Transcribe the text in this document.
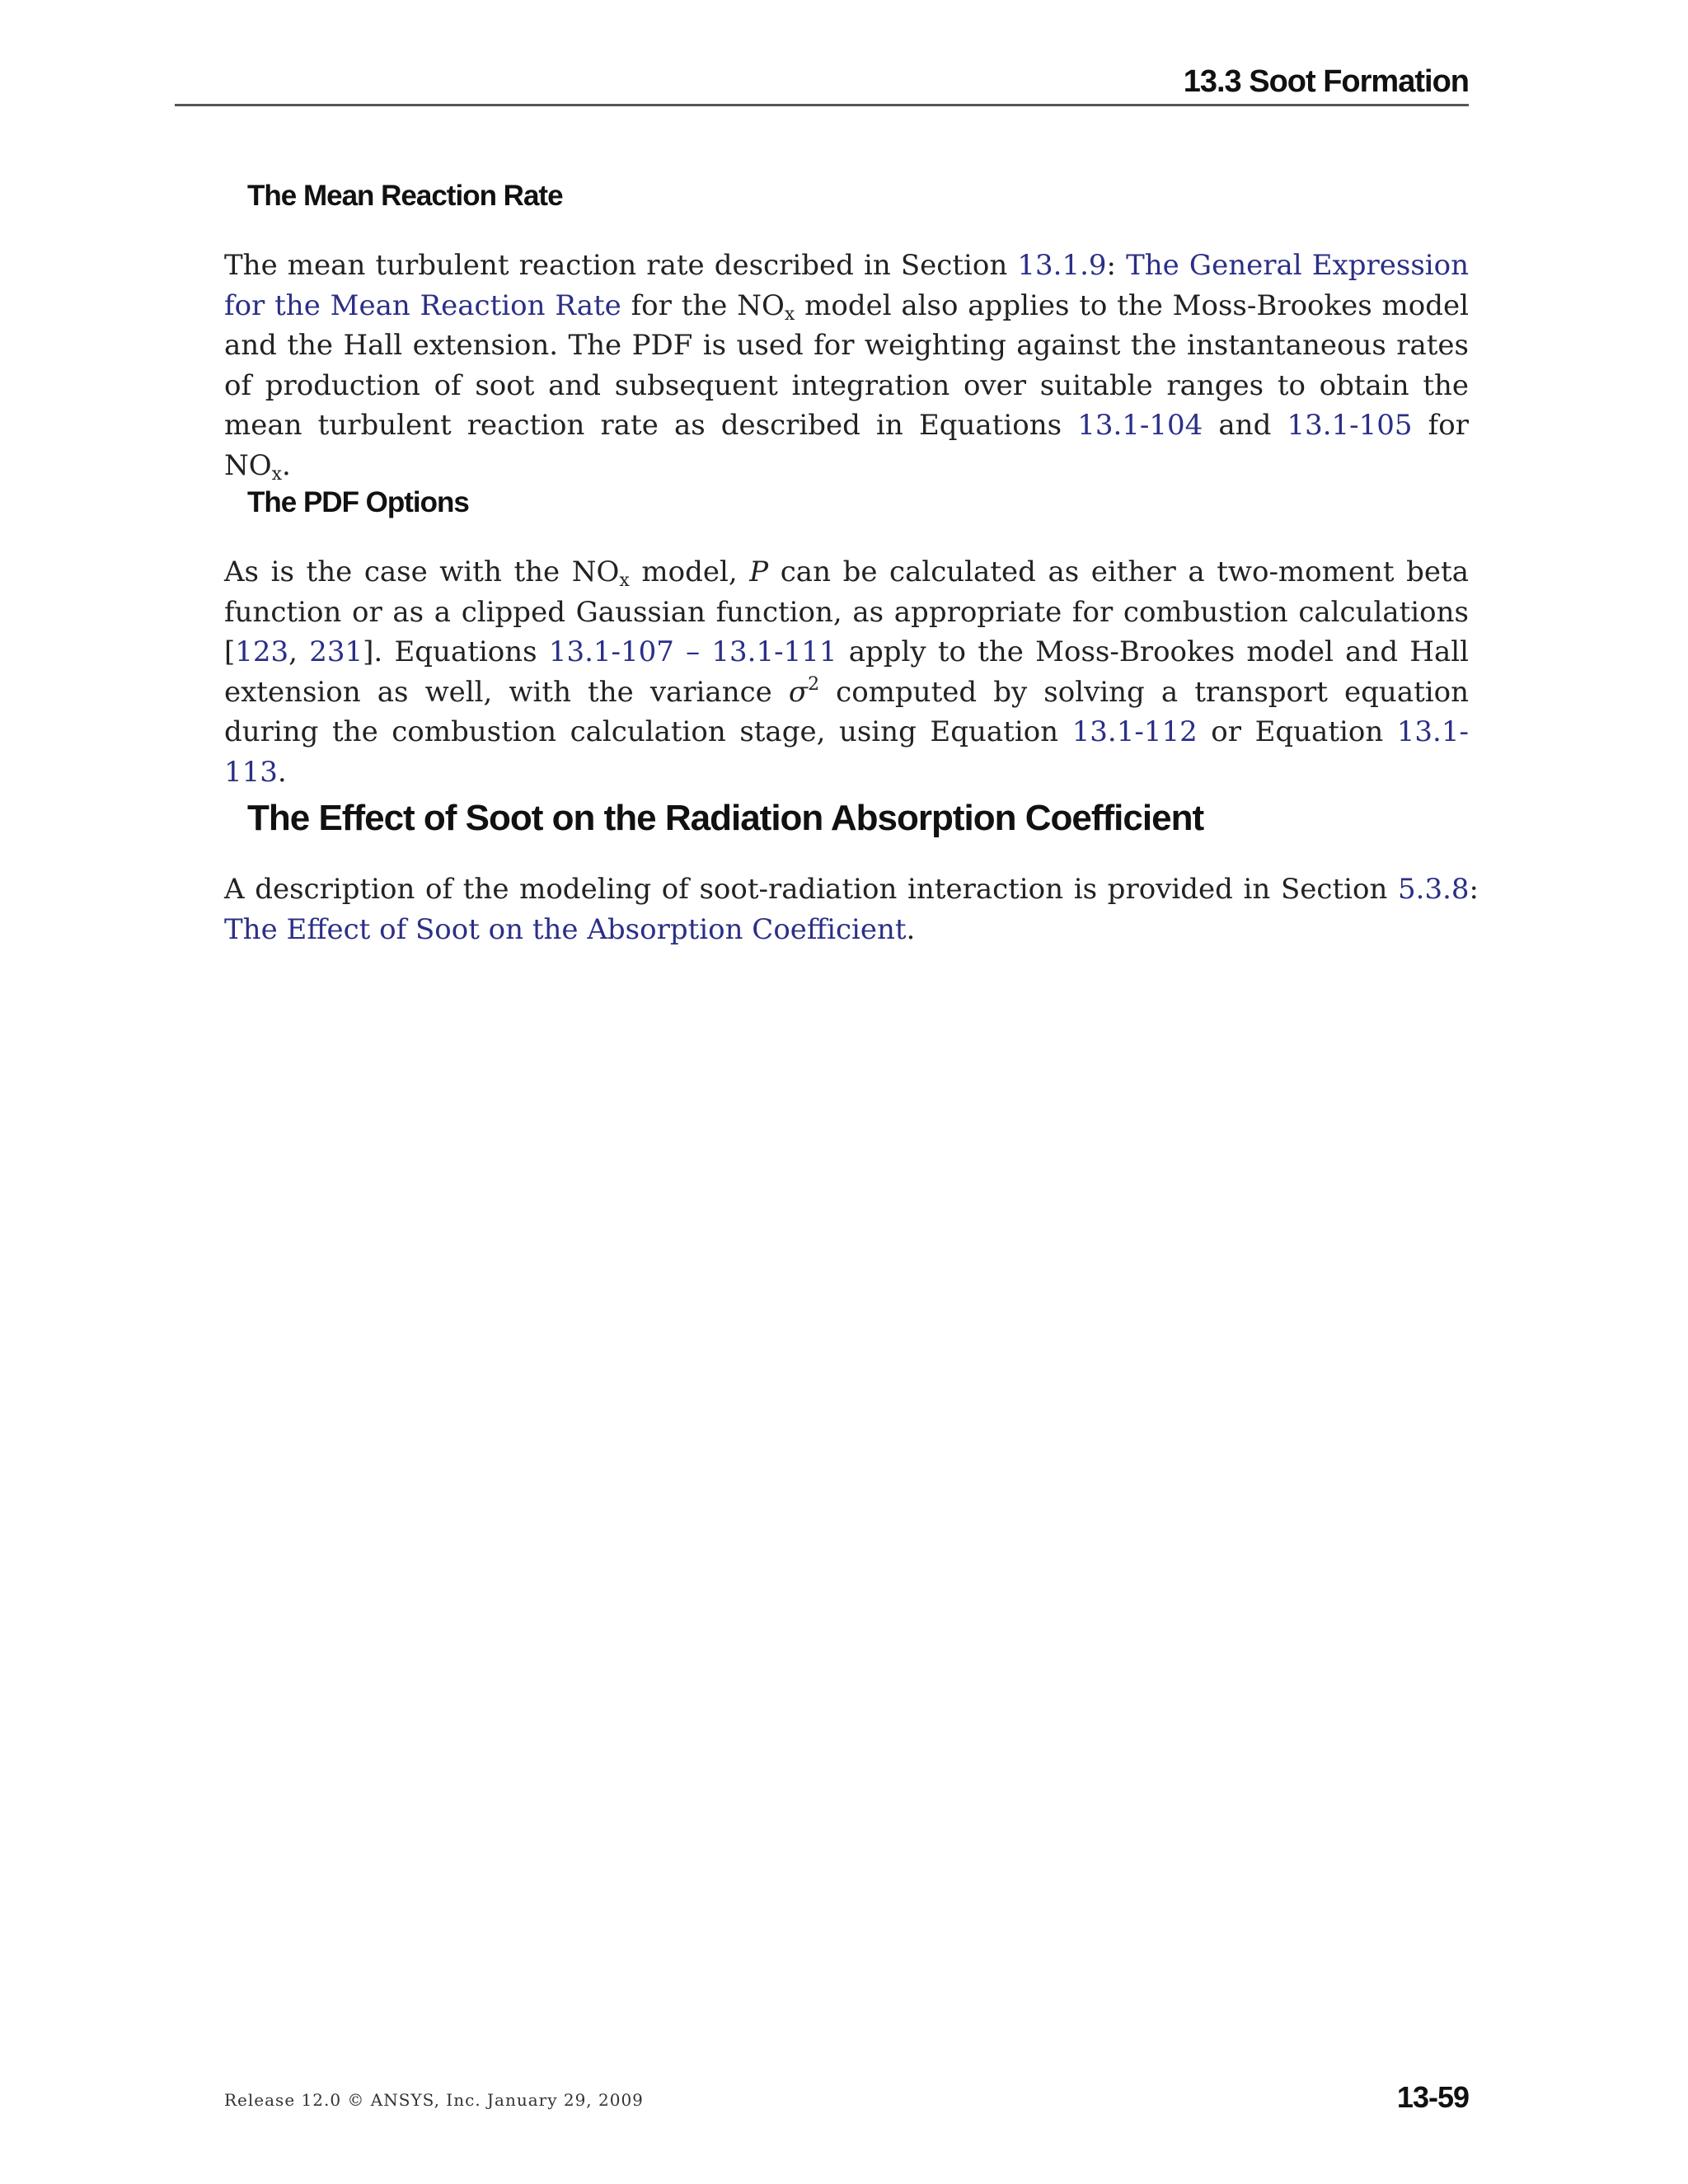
13.3 Soot Formation
The Mean Reaction Rate

The mean turbulent reaction rate described in Section 13.1.9: The General Expression for the Mean Reaction Rate for the NOx model also applies to the Moss-Brookes model and the Hall extension. The PDF is used for weighting against the instantaneous rates of production of soot and subsequent integration over suitable ranges to obtain the mean turbulent reaction rate as described in Equations 13.1-104 and 13.1-105 for NOx.

The PDF Options

As is the case with the NOx model, P can be calculated as either a two-moment beta function or as a clipped Gaussian function, as appropriate for combustion calculations [123, 231]. Equations 13.1-107 – 13.1-111 apply to the Moss-Brookes model and Hall extension as well, with the variance $\sigma^2$ computed by solving a transport equation during the combustion calculation stage, using Equation 13.1-112 or Equation 13.1-113.

The Effect of Soot on the Radiation Absorption Coefficient

A description of the modeling of soot-radiation interaction is provided in Section 5.3.8: The Effect of Soot on the Absorption Coefficient.

Release 12.0 © ANSYS, Inc. January 29, 2009	13-59
